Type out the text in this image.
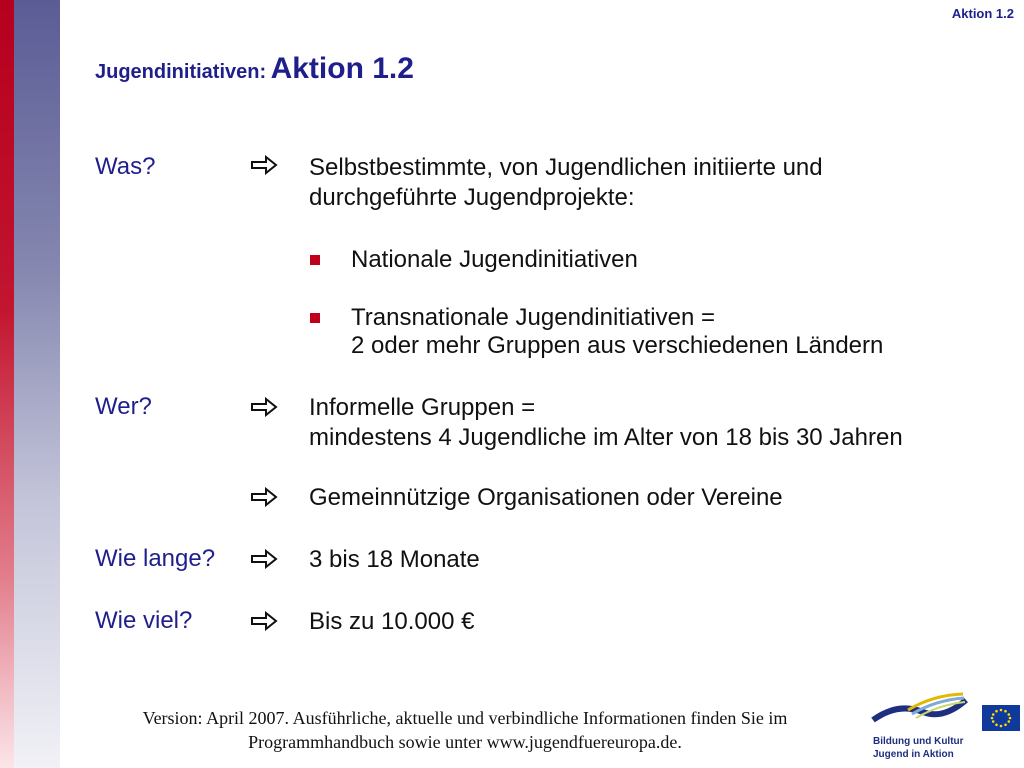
Aktion 1.2
Jugendinitiativen: Aktion 1.2
Was?	Selbstbestimmte, von Jugendlichen initiierte und
durchgeführte Jugendprojekte:
Nationale Jugendinitiativen
Transnationale Jugendinitiativen =
2 oder mehr Gruppen aus verschiedenen Ländern
Wer?	Informelle Gruppen =
mindestens 4 Jugendliche im Alter von 18 bis 30 Jahren
Gemeinnützige Organisationen oder Vereine
Wie lange?	3 bis 18 Monate
Wie viel?	Bis zu 10.000 €
Version: April 2007. Ausführliche, aktuelle und verbindliche Informationen finden Sie im
Programmhandbuch sowie unter www.jugendfuereuropa.de.	Bildung und Kultur
Jugend in Aktion
